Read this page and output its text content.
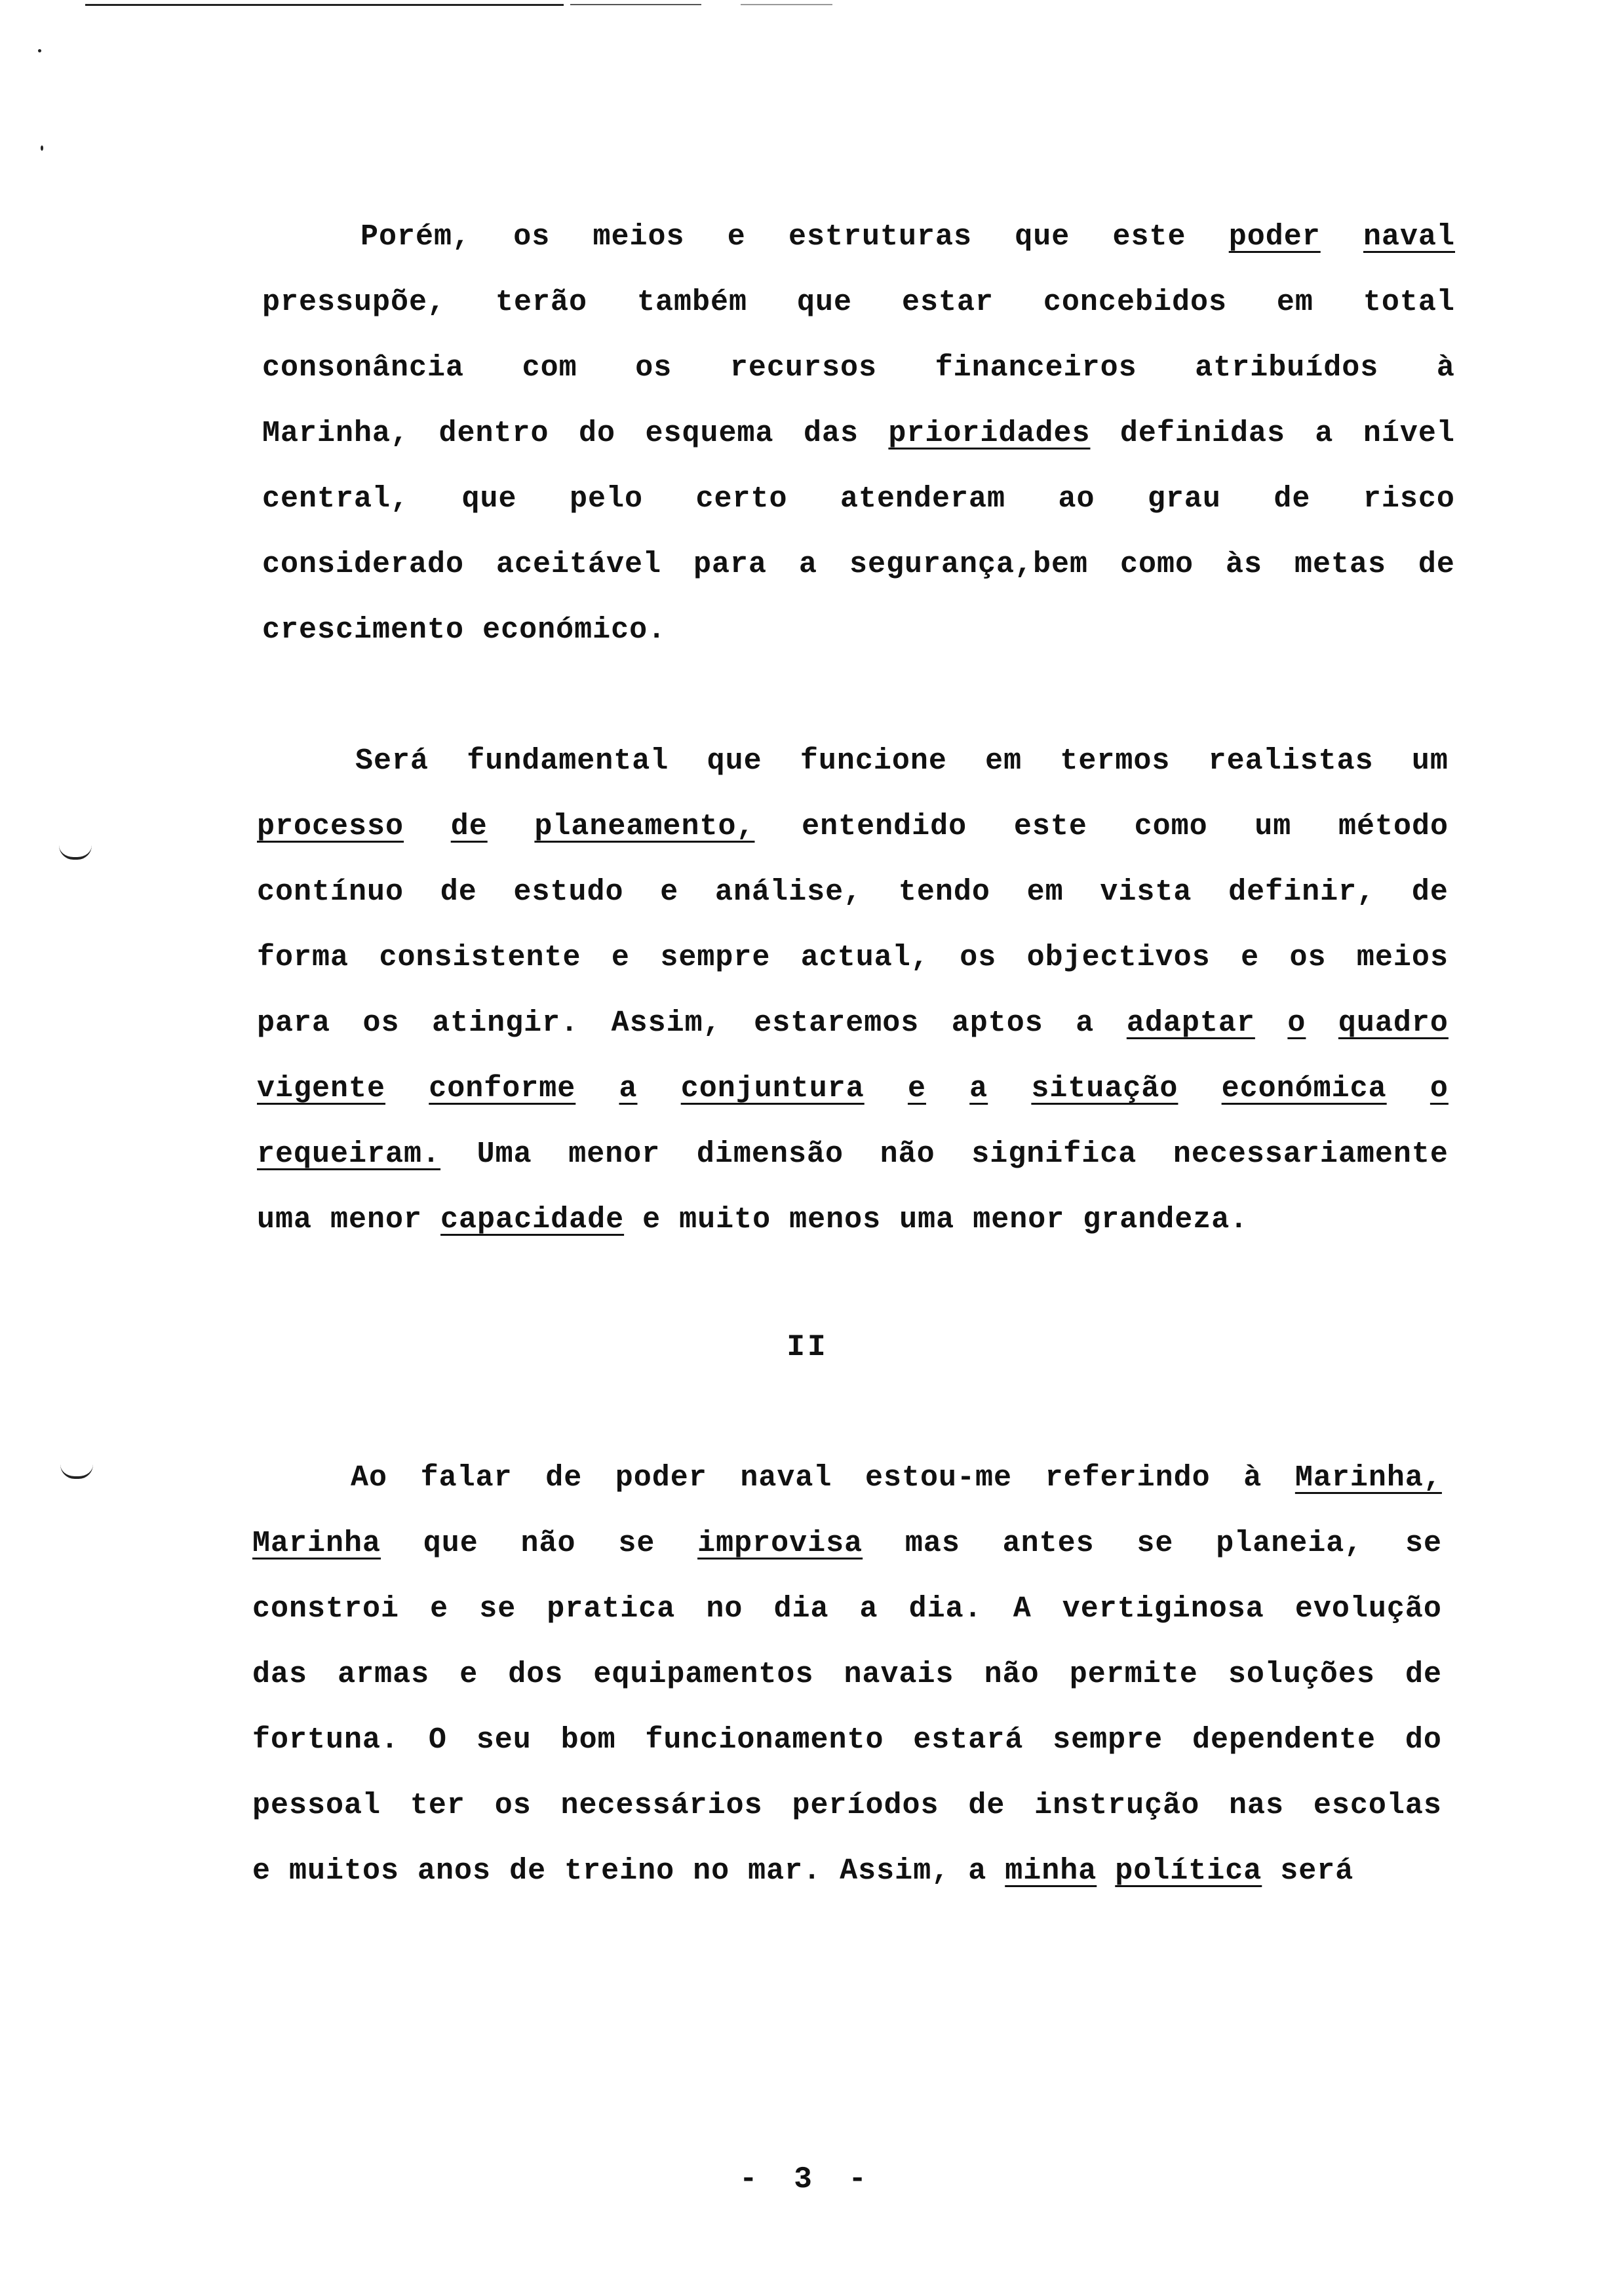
Porém, os meios e estruturas que este poder naval
pressupõe, terão também que estar concebidos em total
consonância com os recursos financeiros atribuídos à
Marinha, dentro do esquema das prioridades definidas a nível
central, que pelo certo atenderam ao grau de risco
considerado aceitável para a segurança,bem como às metas de
crescimento económico.
Será fundamental que funcione em termos realistas um
processo de planeamento, entendido este como um método
contínuo de estudo e análise, tendo em vista definir, de
forma consistente e sempre actual, os objectivos e os meios
para os atingir. Assim, estaremos aptos a adaptar o quadro
vigente conforme a conjuntura e a situação económica o
requeiram. Uma menor dimensão não significa necessariamente
uma menor capacidade e muito menos uma menor grandeza.
II
Ao falar de poder naval estou-me referindo à Marinha,
Marinha que não se improvisa mas antes se planeia, se
constroi e se pratica no dia a dia. A vertiginosa evolução
das armas e dos equipamentos navais não permite soluções de
fortuna. O seu bom funcionamento estará sempre dependente do
pessoal ter os necessários períodos de instrução nas escolas
e muitos anos de treino no mar. Assim, a minha política será
- 3 -
